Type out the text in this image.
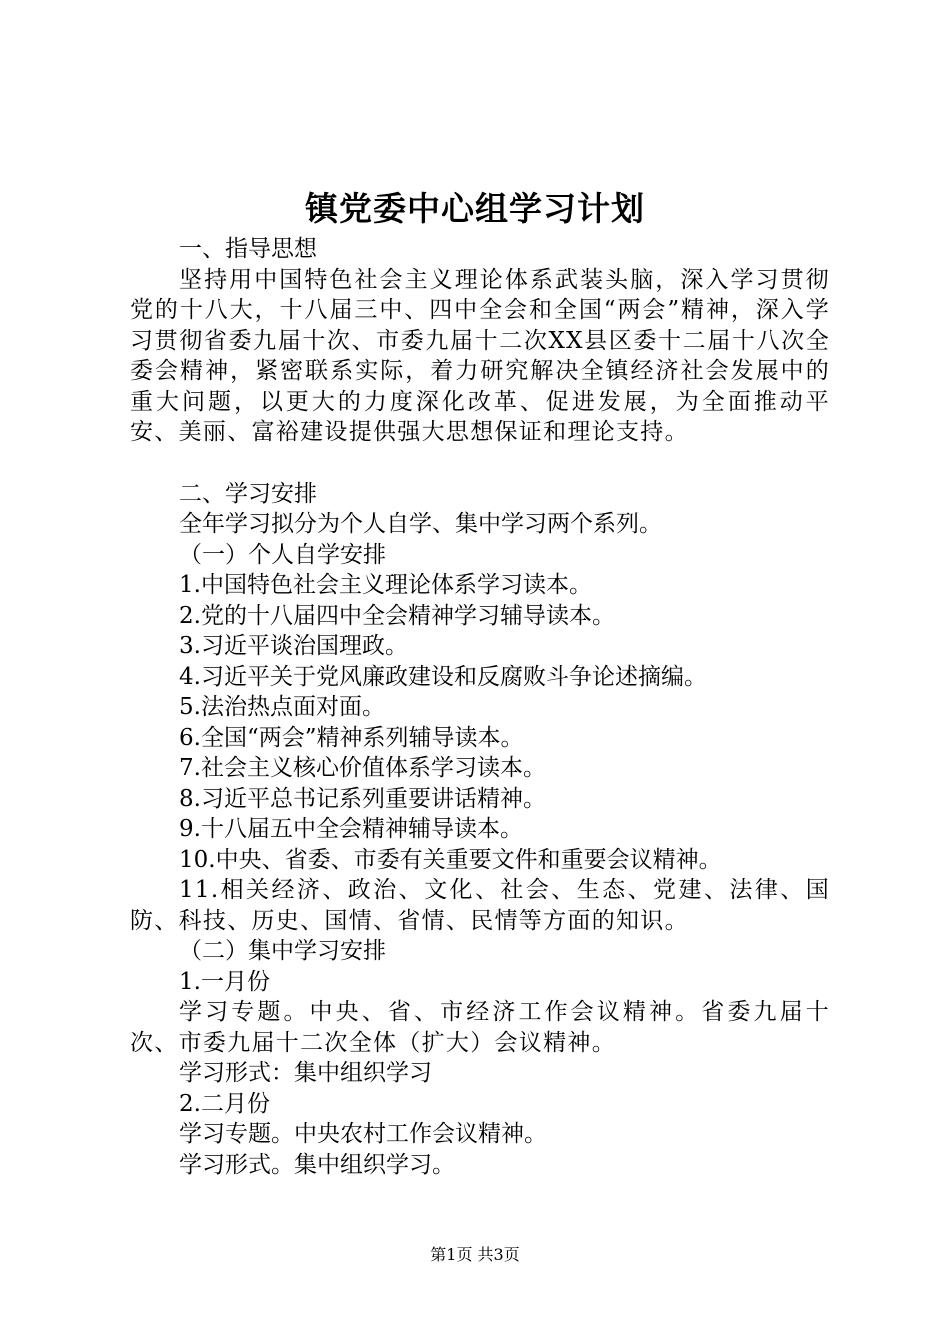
镇党委中心组学习计划

一、指导思想

坚持用中国特色社会主义理论体系武装头脑，深入学习贯彻党的十八大，十八届三中、四中全会和全国“两会”精神，深入学习贯彻省委九届十次、市委九届十二次XX县区委十二届十八次全委会精神，紧密联系实际，着力研究解决全镇经济社会发展中的重大问题，以更大的力度深化改革、促进发展，为全面推动平安、美丽、富裕建设提供强大思想保证和理论支持。

二、学习安排

全年学习拟分为个人自学、集中学习两个系列。

（一）个人自学安排

1.中国特色社会主义理论体系学习读本。

2.党的十八届四中全会精神学习辅导读本。

3.习近平谈治国理政。

4.习近平关于党风廉政建设和反腐败斗争论述摘编。

5.法治热点面对面。

6.全国“两会”精神系列辅导读本。

7.社会主义核心价值体系学习读本。

8.习近平总书记系列重要讲话精神。

9.十八届五中全会精神辅导读本。

10.中央、省委、市委有关重要文件和重要会议精神。

11.相关经济、政治、文化、社会、生态、党建、法律、国防、科技、历史、国情、省情、民情等方面的知识。

（二）集中学习安排

1.一月份

学习专题。中央、省、市经济工作会议精神。省委九届十次、市委九届十二次全体（扩大）会议精神。

学习形式：集中组织学习

2.二月份

学习专题。中央农村工作会议精神。

学习形式。集中组织学习。

第1页 共3页
